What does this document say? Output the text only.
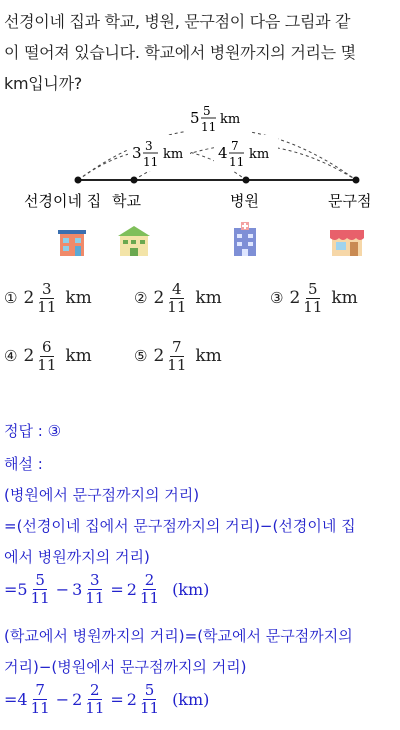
선경이네 집과 학교, 병원, 문구점이 다음 그림과 같
이 떨어져 있습니다. 학교에서 병원까지의 거리는 몇
km입니까?
5 5
11 km
3 3
11 km 4 7
11 km
선경이네 집 학교	병원	문구점
① $2 \frac{3}{11}$ km	② $2 \frac{4}{11}$ km	③ $2 \frac{5}{11}$ km
④ $2 \frac{6}{11}$ km	⑤ $2 \frac{7}{11}$ km
정답 : ③
해설 :
(병원에서 문구점까지의 거리)
=(선경이네 집에서 문구점까지의 거리)−(선경이네 집
에서 병원까지의 거리)
= $5 \frac{5}{11} - 3 \frac{3}{11} = 2 \frac{2}{11} (km)$
(학교에서 병원까지의 거리)=(학교에서 문구점까지의
거리)−(병원에서 문구점까지의 거리)
= $4 \frac{7}{11} - 2 \frac{2}{11} = 2 \frac{5}{11} (km)$
